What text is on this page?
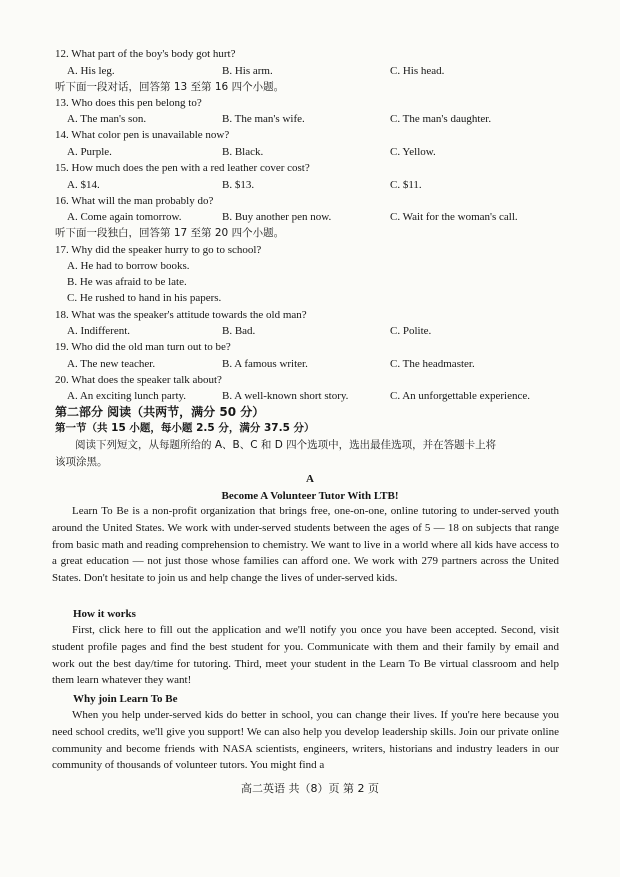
12. What part of the boy's body got hurt?
A. His leg.	B. His arm.	C. His head.
听下面一段对话，回答第 13 至第 16 四个小题。
13. Who does this pen belong to?
A. The man's son.	B. The man's wife.	C. The man's daughter.
14. What color pen is unavailable now?
A. Purple.	B. Black.	C. Yellow.
15. How much does the pen with a red leather cover cost?
A. $14.	B. $13.	C. $11.
16. What will the man probably do?
A. Come again tomorrow.	B. Buy another pen now.	C. Wait for the woman's call.
听下面一段独白，回答第 17 至第 20 四个小题。
17. Why did the speaker hurry to go to school?
A. He had to borrow books.
B. He was afraid to be late.
C. He rushed to hand in his papers.
18. What was the speaker's attitude towards the old man?
A. Indifferent.	B. Bad.	C. Polite.
19. Who did the old man turn out to be?
A. The new teacher.	B. A famous writer.	C. The headmaster.
20. What does the speaker talk about?
A. An exciting lunch party.	B. A well-known short story.	C. An unforgettable experience.
第二部分 阅读（共两节，满分 50 分）
第一节（共 15 小题，每小题 2.5 分，满分 37.5 分）
阅读下列短文，从每题所给的 A、B、C 和 D 四个选项中，选出最佳选项，并在答题卡上将
该项涂黑。
A
Become A Volunteer Tutor With LTB!
Learn To Be is a non-profit organization that brings free, one-on-one, online tutoring to under-served youth around the United States. We work with under-served students between the ages of 5 — 18 on subjects that range from basic math and reading comprehension to chemistry. We want to live in a world where all kids have access to a great education — not just those whose families can afford one. We work with 279 partners across the United States. Don't hesitate to join us and help change the lives of under-served kids.
How it works
First, click here to fill out the application and we'll notify you once you have been accepted. Second, visit student profile pages and find the best student for you. Communicate with them and their family by email and work out the best day/time for tutoring. Third, meet your student in the Learn To Be virtual classroom and help them learn whatever they want!
Why join Learn To Be
When you help under-served kids do better in school, you can change their lives. If you're here because you need school credits, we'll give you support! We can also help you develop leadership skills. Join our private online community and become friends with NASA scientists, engineers, writers, historians and industry leaders in our community of thousands of volunteer tutors. You might find a
高二英语 共（8）页 第 2 页
